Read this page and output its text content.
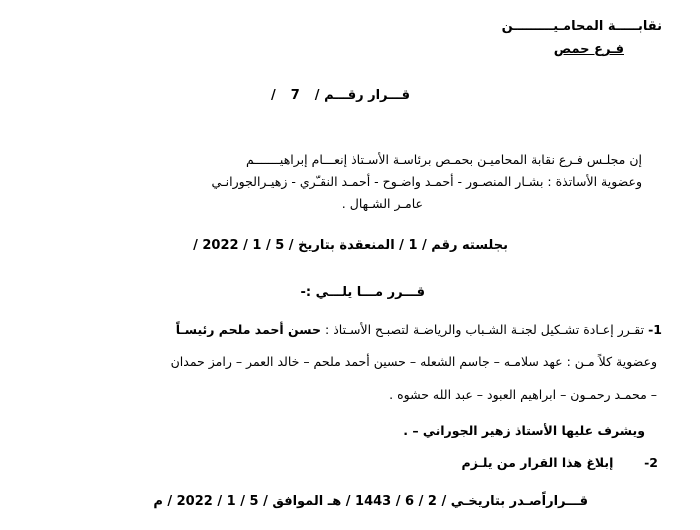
نقابـــــة المحامـيـــــــــن
فـرع حمص
قـــرار رقـــم / 7 /
إن مجلـس فـرع نقابة المحاميـن بحمـص برئاسـة الأسـتاذ إنعـــام إبراهيـــــــم
وعضوية الأساتذة : بشـار المنصـور - أحمـد واضـوح - أحمـد النقـّري - زهيـرالجورانـي
عامـر الشـهال .
بجلسته رقم / 1 / المنعقدة بتاريخ / 5 / 1 / 2022 /
قـــرر مـــا يلـــي :-
1- تقـرر إعـادة تشـكيل لجنـة الشـباب والرياضـة لتصبـح الأسـتاذ : حسن أحمد ملحم رئيسـاً
وعضوية كلاً مـن : عهد سلامـه – جاسم الشعله – حسين أحمد ملحم – خالد العمر – رامز حمدان
– محمـد رحمـون – ابراهيم العبود – عبد الله حشوه .
ويشرف عليها الأستاذ زهير الجوراني – .
2-  إبلاغ هذا القرار من يلـزم
قـــراراًصـدر بتاريخـي / 2 / 6 / 1443 / هـ الموافق / 5 / 1 / 2022 / م
